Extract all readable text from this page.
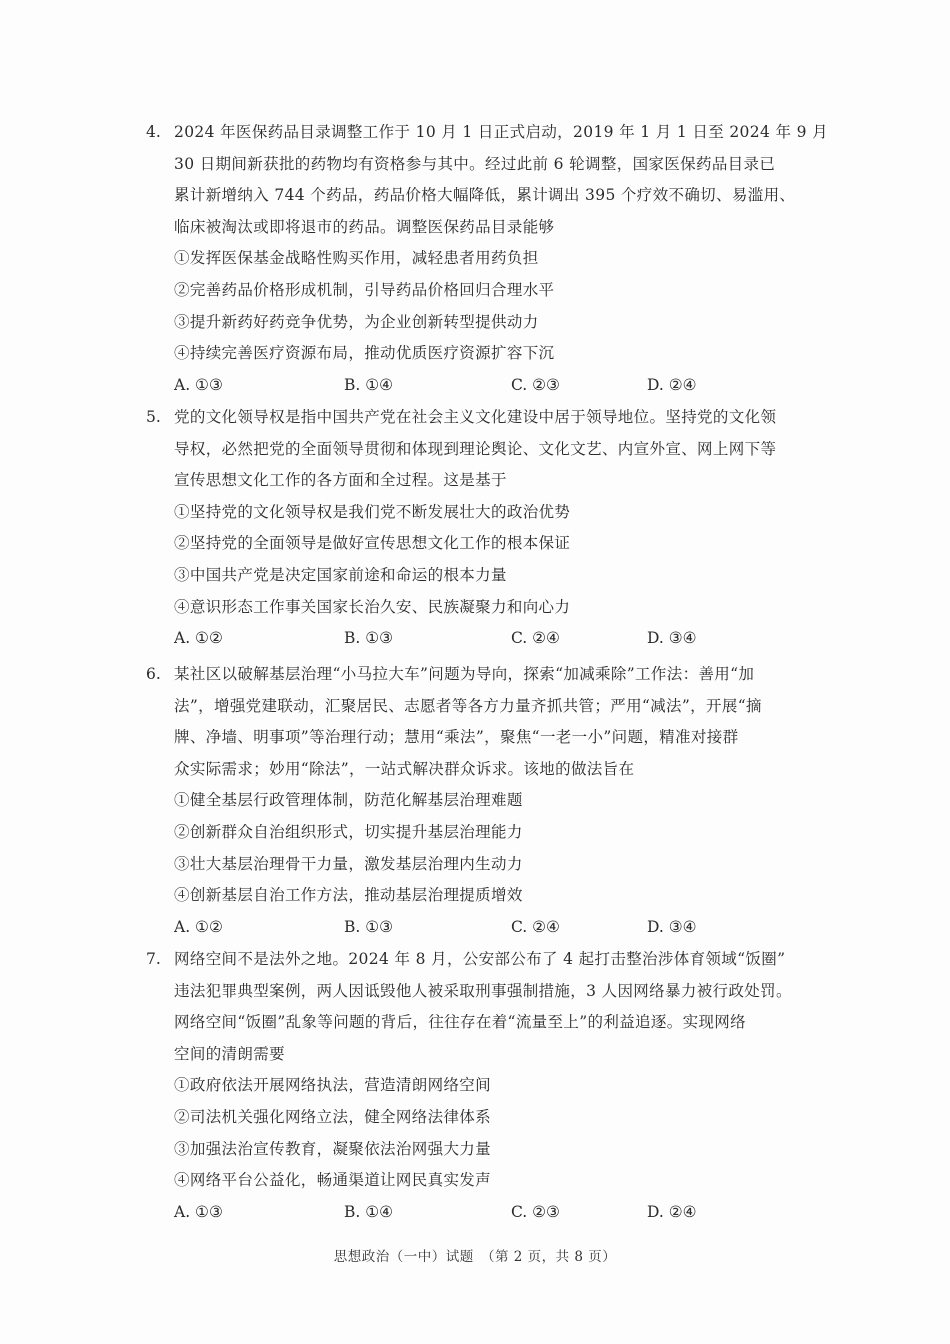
4. 2024 年医保药品目录调整工作于 10 月 1 日正式启动，2019 年 1 月 1 日至 2024 年 9 月
30 日期间新获批的药物均有资格参与其中。经过此前 6 轮调整，国家医保药品目录已
累计新增纳入 744 个药品，药品价格大幅降低，累计调出 395 个疗效不确切、易滥用、
临床被淘汰或即将退市的药品。调整医保药品目录能够
①发挥医保基金战略性购买作用，减轻患者用药负担
②完善药品价格形成机制，引导药品价格回归合理水平
③提升新药好药竞争优势，为企业创新转型提供动力
④持续完善医疗资源布局，推动优质医疗资源扩容下沉
A. ①③	B. ①④	C. ②③	D. ②④
5. 党的文化领导权是指中国共产党在社会主义文化建设中居于领导地位。坚持党的文化领
导权，必然把党的全面领导贯彻和体现到理论舆论、文化文艺、内宣外宣、网上网下等
宣传思想文化工作的各方面和全过程。这是基于
①坚持党的文化领导权是我们党不断发展壮大的政治优势
②坚持党的全面领导是做好宣传思想文化工作的根本保证
③中国共产党是决定国家前途和命运的根本力量
④意识形态工作事关国家长治久安、民族凝聚力和向心力
A. ①②	B. ①③	C. ②④	D. ③④
6. 某社区以破解基层治理“小马拉大车”问题为导向，探索“加减乘除”工作法：善用“加
法”，增强党建联动，汇聚居民、志愿者等各方力量齐抓共管；严用“减法”，开展“摘
牌、净墙、明事项”等治理行动；慧用“乘法”，聚焦“一老一小”问题，精准对接群
众实际需求；妙用“除法”，一站式解决群众诉求。该地的做法旨在
①健全基层行政管理体制，防范化解基层治理难题
②创新群众自治组织形式，切实提升基层治理能力
③壮大基层治理骨干力量，激发基层治理内生动力
④创新基层自治工作方法，推动基层治理提质增效
A. ①②	B. ①③	C. ②④	D. ③④
7. 网络空间不是法外之地。2024 年 8 月，公安部公布了 4 起打击整治涉体育领域“饭圈”
违法犯罪典型案例，两人因诋毁他人被采取刑事强制措施，3 人因网络暴力被行政处罚。
网络空间“饭圈”乱象等问题的背后，往往存在着“流量至上”的利益追逐。实现网络
空间的清朗需要
①政府依法开展网络执法，营造清朗网络空间
②司法机关强化网络立法，健全网络法律体系
③加强法治宣传教育，凝聚依法治网强大力量
④网络平台公益化，畅通渠道让网民真实发声
A. ①③	B. ①④	C. ②③	D. ②④
思想政治（一中）试题　（第 2 页，共 8 页）
